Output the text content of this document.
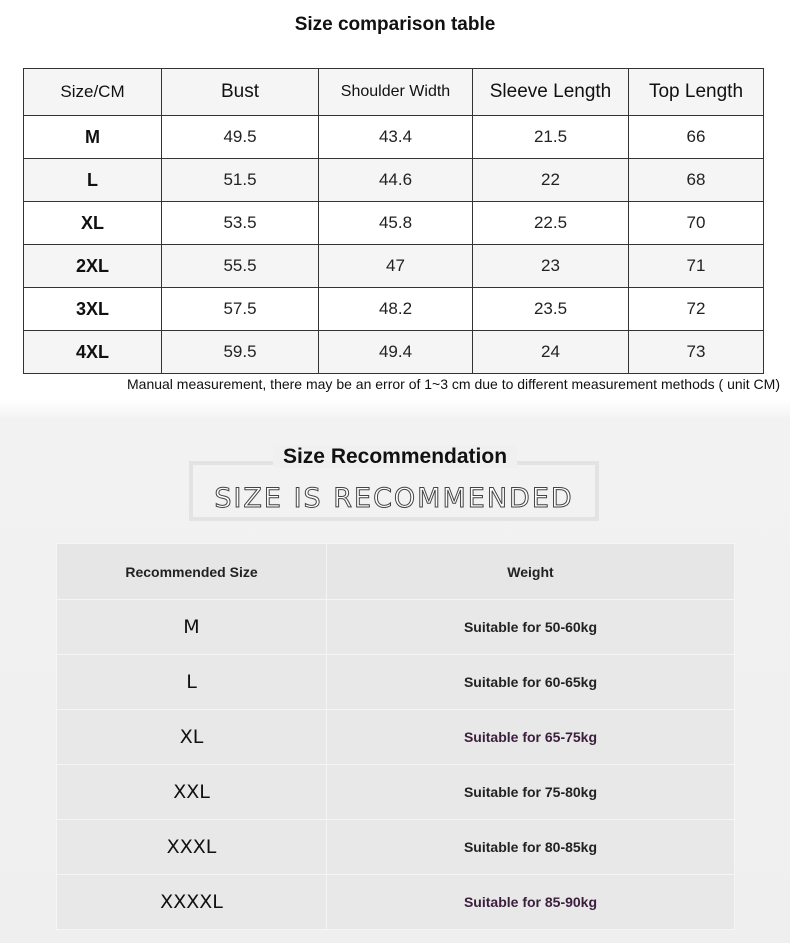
Size comparison table
Size/CM	Bust	Shoulder Width	Sleeve Length	Top Length
M	49.5	43.4	21.5	66
L	51.5	44.6	22	68
XL	53.5	45.8	22.5	70
2XL	55.5	47	23	71
3XL	57.5	48.2	23.5	72
4XL	59.5	49.4	24	73
Manual measurement, there may be an error of 1~3 cm due to different measurement methods ( unit CM)
Size Recommendation
SIZE IS RECOMMENDED
Recommended Size	Weight
M	Suitable for 50-60kg
L	Suitable for 60-65kg
XL	Suitable for 65-75kg
XXL	Suitable for 75-80kg
XXXL	Suitable for 80-85kg
XXXXL	Suitable for 85-90kg
